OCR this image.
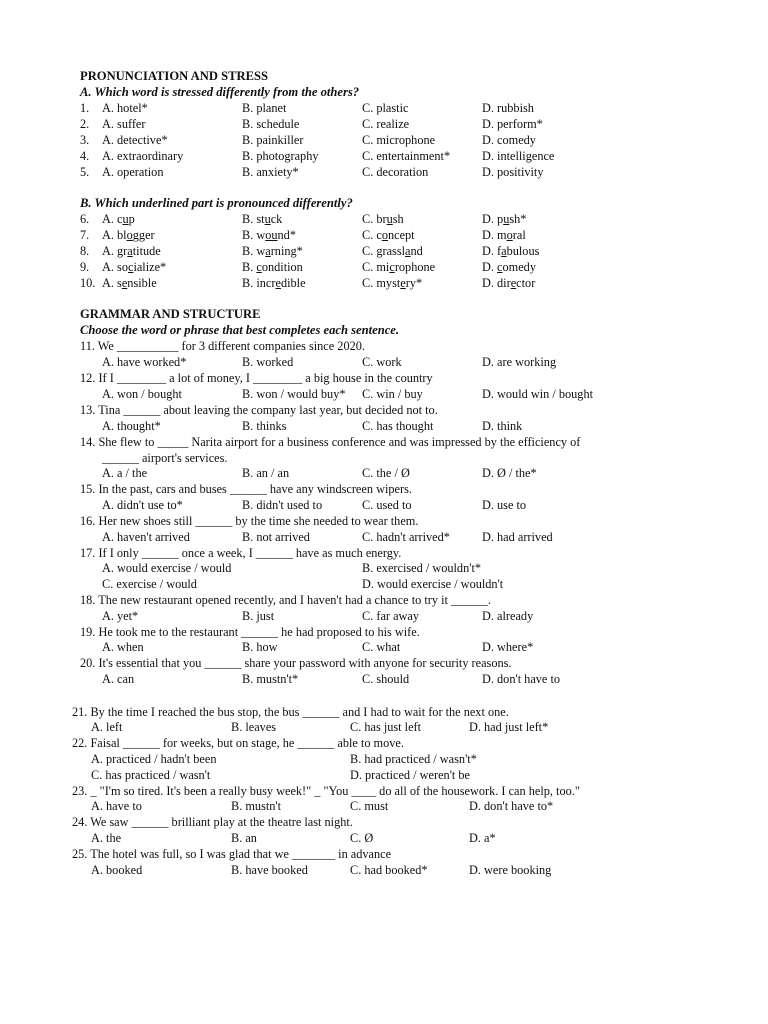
PRONUNCIATION AND STRESS
A. Which word is stressed differently from the others?
1. A. hotel*	B. planet	C. plastic	D. rubbish
2. A. suffer	B. schedule	C. realize	D. perform*
3. A. detective*	B. painkiller	C. microphone	D. comedy
4. A. extraordinary	B. photography	C. entertainment*	D. intelligence
5. A. operation	B. anxiety*	C. decoration	D. positivity
B. Which underlined part is pronounced differently?
6. A. cup	B. stuck	C. brush	D. push*
7. A. blogger	B. wound*	C. concept	D. moral
8. A. gratitude	B. warning*	C. grassland	D. fabulous
9. A. socialize*	B. condition	C. microphone	D. comedy
10. A. sensible	B. incredible	C. mystery*	D. director
GRAMMAR AND STRUCTURE
Choose the word or phrase that best completes each sentence.
11. We __________ for 3 different companies since 2020.
A. have worked*	B. worked	C. work	D. are working
12. If I ________ a lot of money, I ________ a big house in the country
A. won / bought	B. won / would buy* C. win / buy	D. would win / bought
13. Tina ______ about leaving the company last year, but decided not to.
A. thought*	B. thinks	C. has thought	D. think
14. She flew to _____ Narita airport for a business conference and was impressed by the efficiency of
______ airport's services.
A. a / the	B. an / an	C. the / Ø	D. Ø / the*
15. In the past, cars and buses ______ have any windscreen wipers.
A. didn't use to*	B. didn't used to	C. used to	D. use to
16. Her new shoes still ______ by the time she needed to wear them.
A. haven't arrived	B. not arrived	C. hadn't arrived*	D. had arrived
17. If I only ______ once a week, I ______ have as much energy.
A. would exercise / would	B. exercised / wouldn't*
C. exercise / would	D. would exercise / wouldn't
18. The new restaurant opened recently, and I haven't had a chance to try it ______.
A. yet*	B. just	C. far away	D. already
19. He took me to the restaurant ______ he had proposed to his wife.
A. when	B. how	C. what	D. where*
20. It's essential that you ______ share your password with anyone for security reasons.
A. can	B. mustn't*	C. should	D. don't have to
21. By the time I reached the bus stop, the bus ______ and I had to wait for the next one.
A. left	B. leaves	C. has just left	D. had just left*
22. Faisal ______ for weeks, but on stage, he ______ able to move.
A. practiced / hadn't been	B. had practiced / wasn't*
C. has practiced / wasn't	D. practiced / weren't be
23. _ "I'm so tired. It's been a really busy week!" _ "You ____ do all of the housework. I can help, too."
A. have to	B. mustn't	C. must	D. don't have to*
24. We saw ______ brilliant play at the theatre last night.
A. the	B. an	C. Ø	D. a*
25. The hotel was full, so I was glad that we _______ in advance
A. booked	B. have booked	C. had booked*	D. were booking
